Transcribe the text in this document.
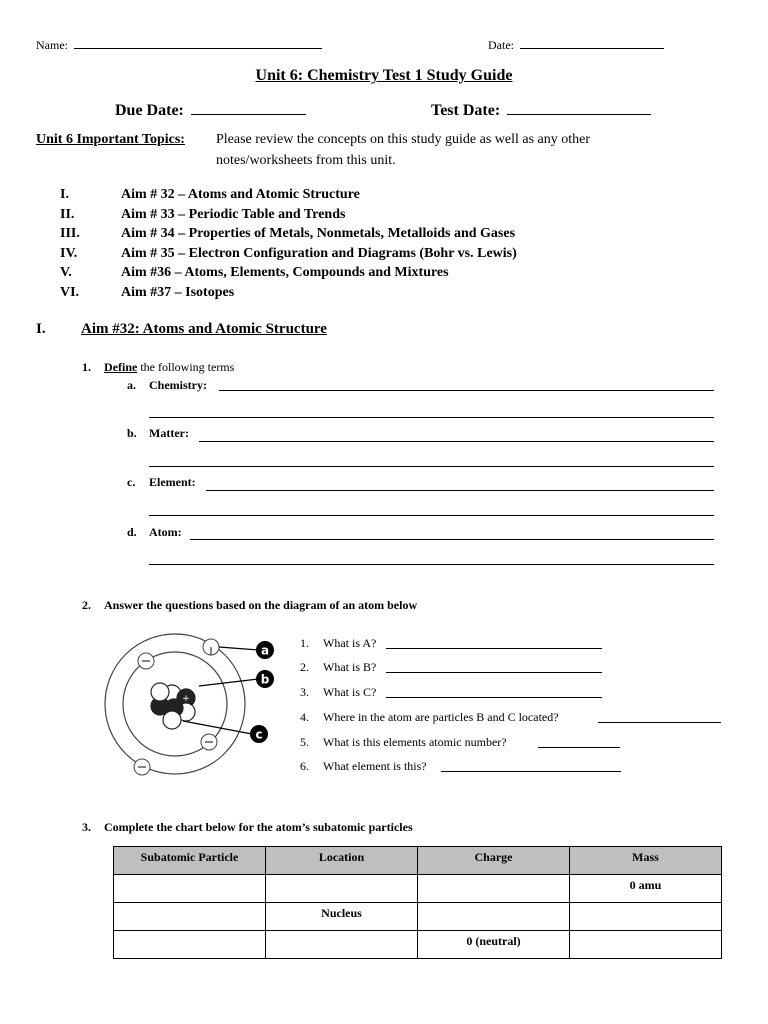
Name:	Date:
Unit 6: Chemistry Test 1 Study Guide
Due Date:	Test Date:
Unit 6 Important Topics: Please review the concepts on this study guide as well as any other
notes/worksheets from this unit.
I.	Aim # 32 – Atoms and Atomic Structure
II.	Aim # 33 – Periodic Table and Trends
III.	Aim # 34 – Properties of Metals, Nonmetals, Metalloids and Gases
IV.	Aim # 35 – Electron Configuration and Diagrams (Bohr vs. Lewis)
V.	Aim #36 – Atoms, Elements, Compounds and Mixtures
VI.	Aim #37 – Isotopes
I. Aim #32: Atoms and Atomic Structure
1. Define the following terms
a. Chemistry:
b. Matter:
c. Element:
d. Atom:
2. Answer the questions based on the diagram of an atom below
+
+
+
a
b
c
1. What is A?
2. What is B?
3. What is C?
4. Where in the atom are particles B and C located?
5. What is this elements atomic number?
6. What element is this?
3. Complete the chart below for the atom’s subatomic particles
Subatomic Particle	Location	Charge	Mass
			0 amu
	Nucleus		
		0 (neutral)	
